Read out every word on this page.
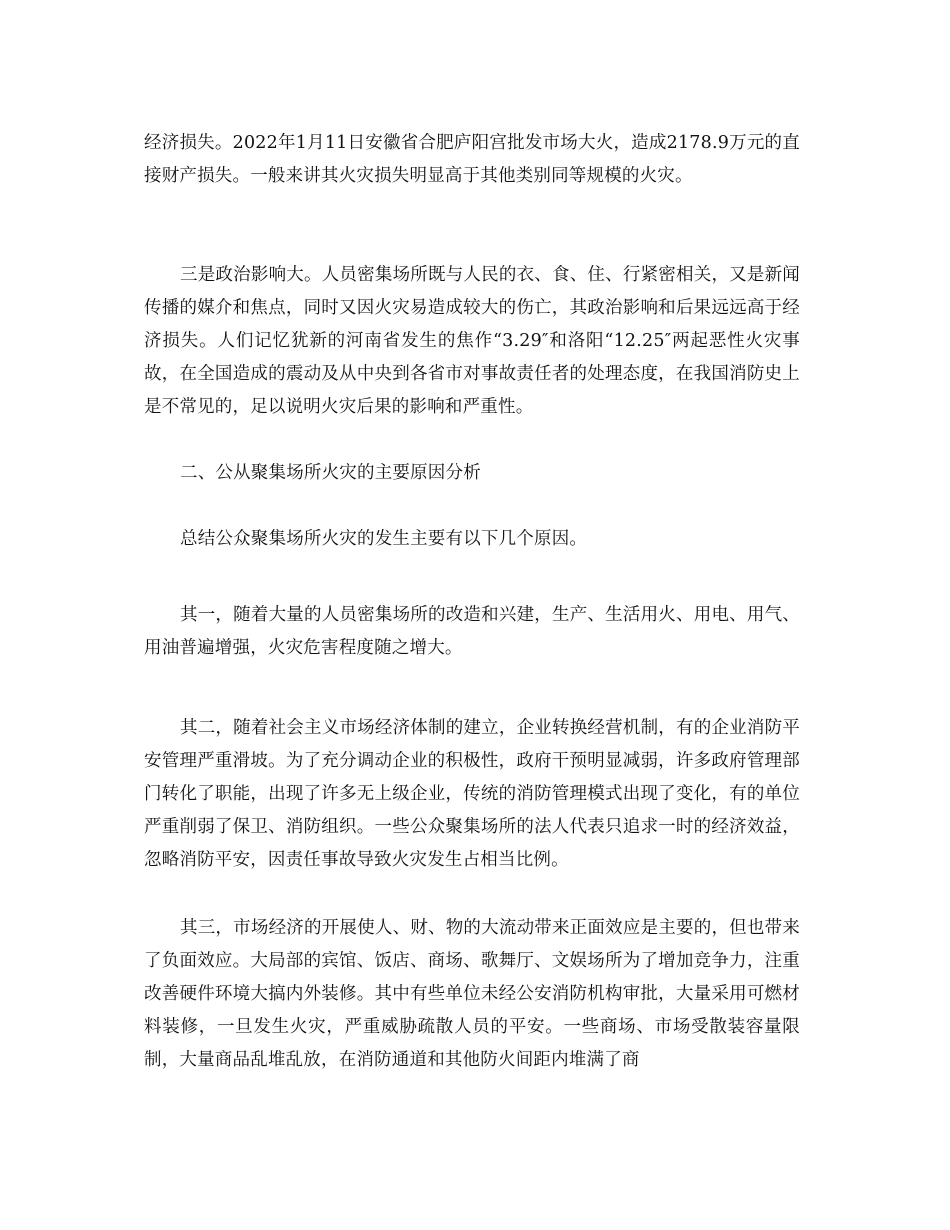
经济损失。2022年1月11日安徽省合肥庐阳宫批发市场大火，造成2178.9万元的直接财产损失。一般来讲其火灾损失明显高于其他类别同等规模的火灾。

三是政治影响大。人员密集场所既与人民的衣、食、住、行紧密相关，又是新闻传播的媒介和焦点，同时又因火灾易造成较大的伤亡，其政治影响和后果远远高于经济损失。人们记忆犹新的河南省发生的焦作“3.29″和洛阳“12.25″两起恶性火灾事故，在全国造成的震动及从中央到各省市对事故责任者的处理态度，在我国消防史上是不常见的，足以说明火灾后果的影响和严重性。

二、公从聚集场所火灾的主要原因分析

总结公众聚集场所火灾的发生主要有以下几个原因。

其一，随着大量的人员密集场所的改造和兴建，生产、生活用火、用电、用气、用油普遍增强，火灾危害程度随之增大。

其二，随着社会主义市场经济体制的建立，企业转换经营机制，有的企业消防平安管理严重滑坡。为了充分调动企业的积极性，政府干预明显减弱，许多政府管理部门转化了职能，出现了许多无上级企业，传统的消防管理模式出现了变化，有的单位严重削弱了保卫、消防组织。一些公众聚集场所的法人代表只追求一时的经济效益，忽略消防平安，因责任事故导致火灾发生占相当比例。

其三，市场经济的开展使人、财、物的大流动带来正面效应是主要的，但也带来了负面效应。大局部的宾馆、饭店、商场、歌舞厅、文娱场所为了增加竞争力，注重改善硬件环境大搞内外装修。其中有些单位未经公安消防机构审批，大量采用可燃材料装修，一旦发生火灾，严重威胁疏散人员的平安。一些商场、市场受散装容量限制，大量商品乱堆乱放，在消防通道和其他防火间距内堆满了商
